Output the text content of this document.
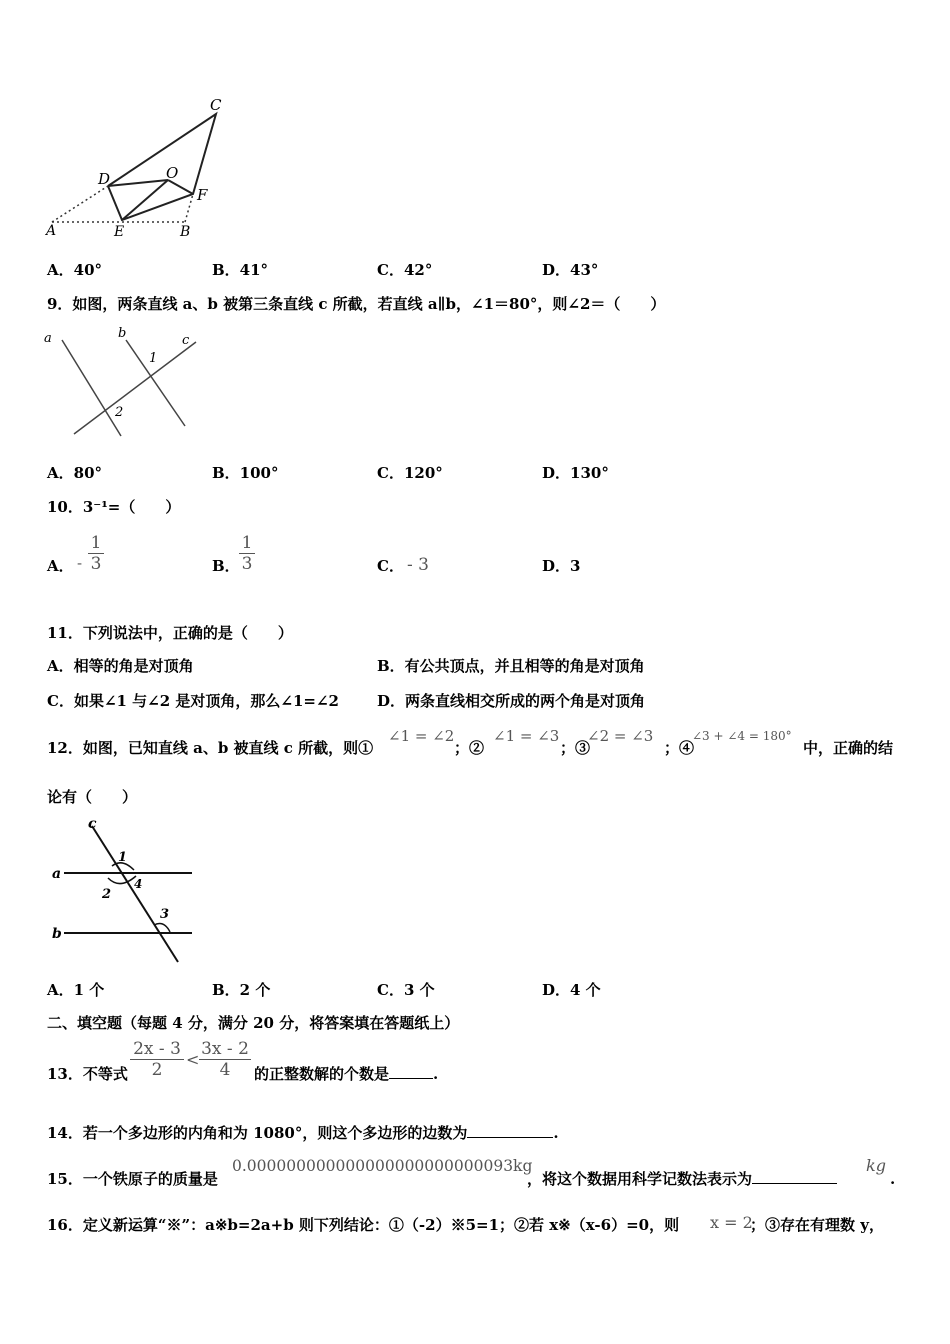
C
D	O
F
A	E	B
A．40°	B．41°	C．42°	D．43°
9．如图，两条直线 a、b 被第三条直线 c 所截，若直线 a∥b，∠1＝80°，则∠2＝（　　）
a	b	c
1
2
A．80°	B．100°	C．120°	D．130°
10．3⁻¹=（　　）
A． - $\frac{1}{3}$	B． $\frac{1}{3}$	C． - 3	D．3
11．下列说法中，正确的是（　　）
A．相等的角是对顶角	B．有公共顶点，并且相等的角是对顶角
C．如果∠1 与∠2 是对顶角，那么∠1=∠2	D．两条直线相交所成的两个角是对顶角
12．如图，已知直线 a、b 被直线 c 所截，则①
∠1 = ∠2
；②
∠1 = ∠3
；③
∠2 = ∠3
；④
∠3 + ∠4 = 180°
中，正确的结
论有（　　）
c
a
b
1
2
3
4
A．1 个	B．2 个	C．3 个	D．4 个
二、填空题（每题 4 分，满分 20 分，将答案填在答题纸上）
13．不等式 $\frac{2x - 3}{2} < \frac{3x - 2}{4}$ 的正整数解的个数是	.
14．若一个多边形的内角和为 1080°，则这个多边形的边数为	.
15．一个铁原子的质量是
0.000000000000000000000000093kg
，将这个数据用科学记数法表示为
kg
.
16．定义新运算“※”：a※b=2a+b 则下列结论：①（-2）※5=1；②若 x※（x-6）=0，则 x = 2
；③存在有理数 y，
